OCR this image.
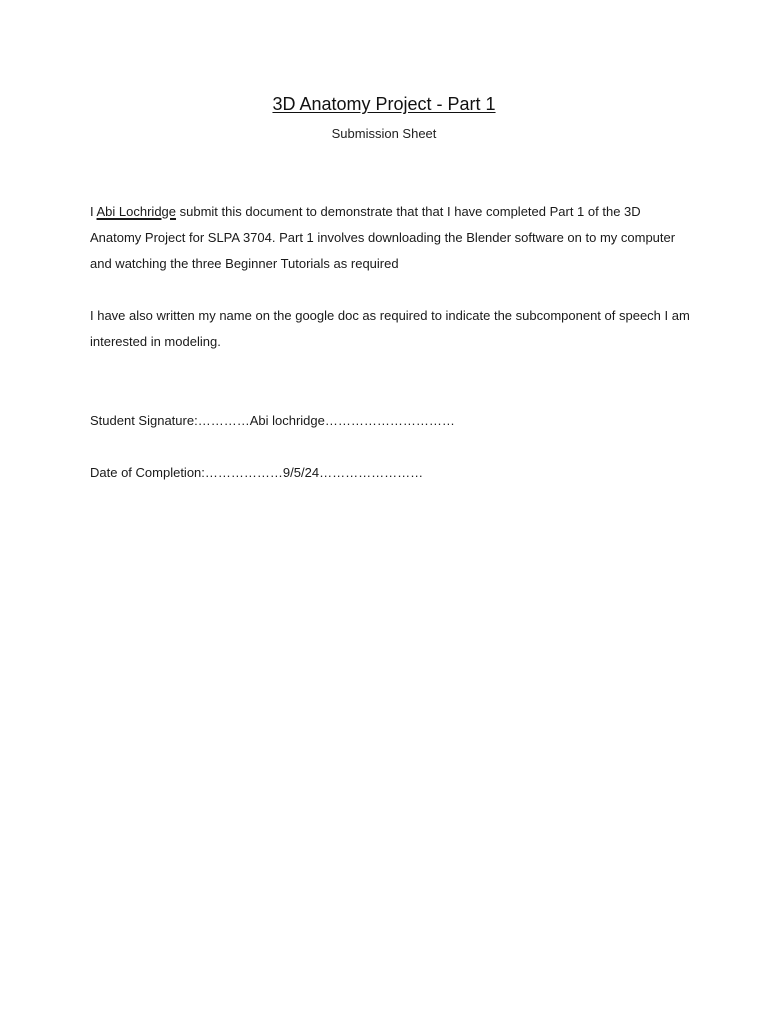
3D Anatomy Project - Part 1
Submission Sheet

I Abi Lochridge submit this document to demonstrate that that I have completed Part 1 of the 3D Anatomy Project for SLPA 3704. Part 1 involves downloading the Blender software on to my computer and watching the three Beginner Tutorials as required

I have also written my name on the google doc as required to indicate the subcomponent of speech I am interested in modeling.

Student Signature:…………Abi lochridge…………………………
Date of Completion:………………9/5/24……………………
